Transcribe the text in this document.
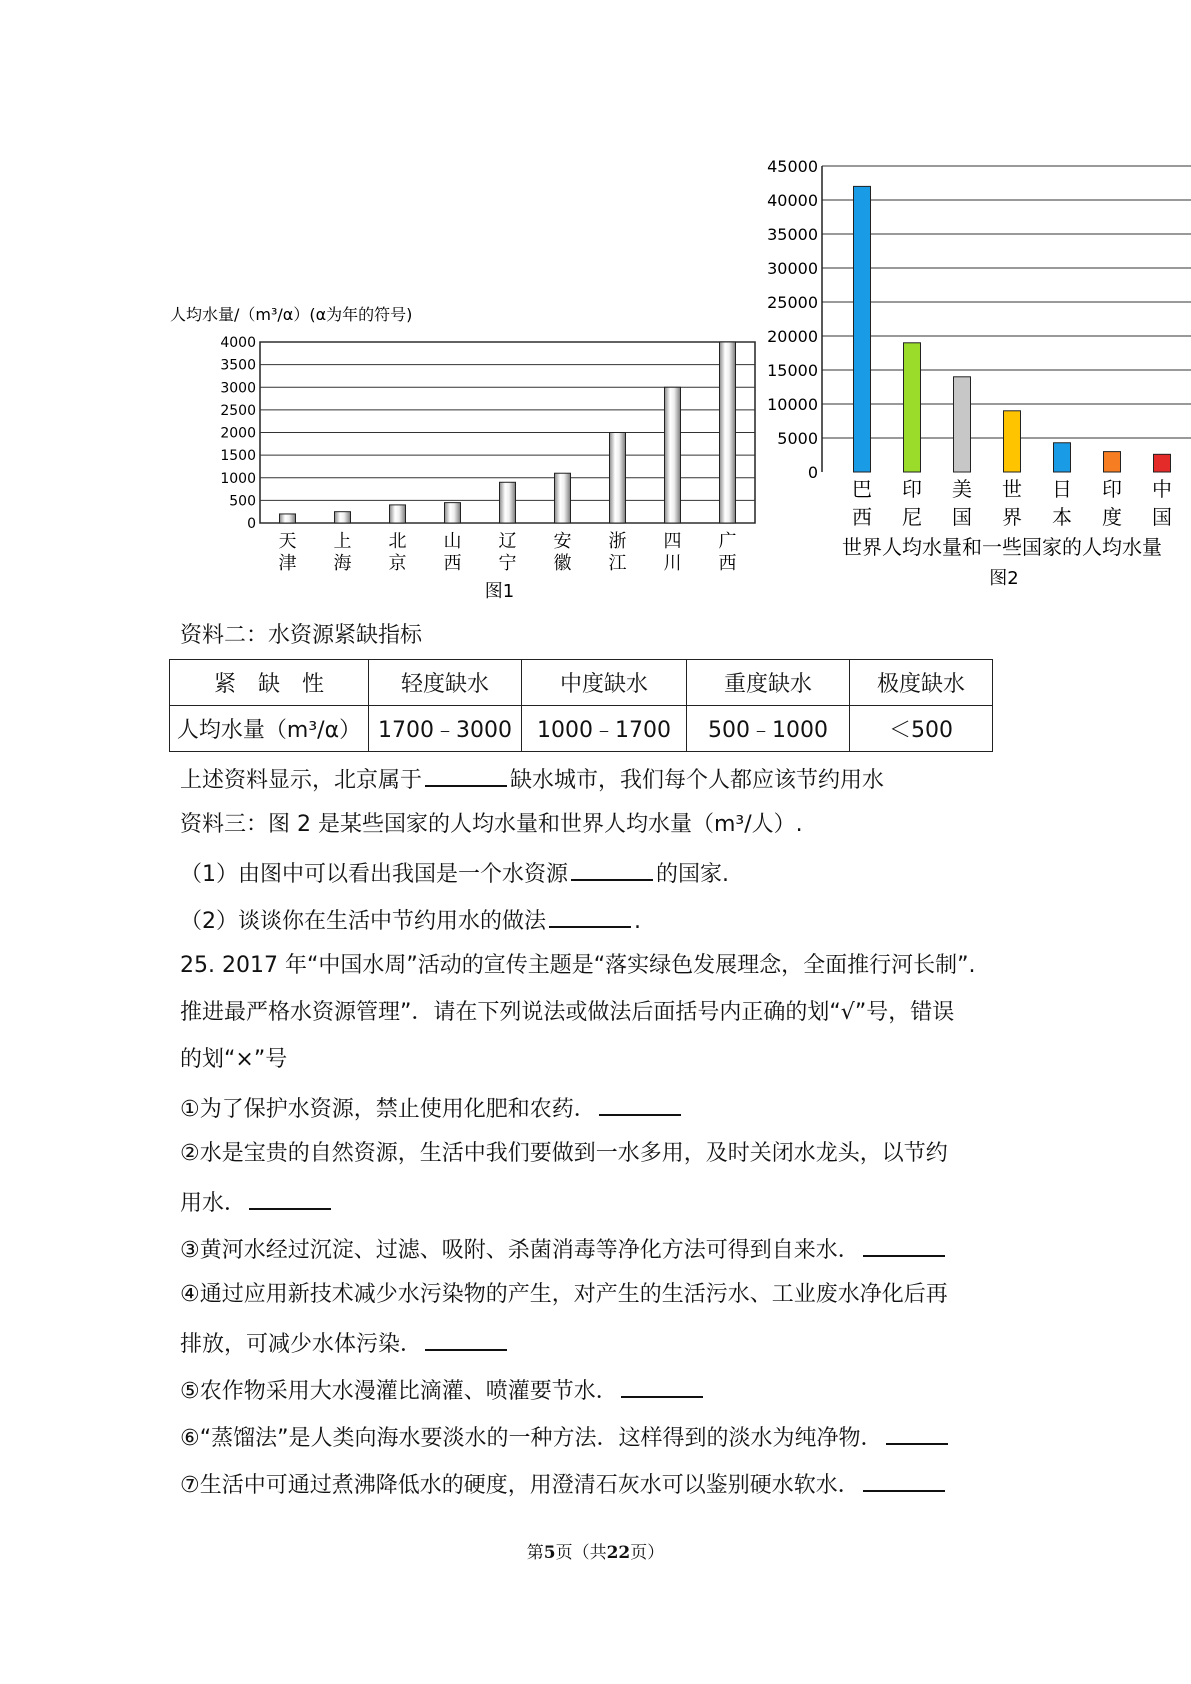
0
500
1000
1500
2000
2500
3000
3500
4000
人均水量/（m³/α）(α为年的符号)
天
津
上
海
北
京
山
西
辽
宁
安
徽
浙
江
四
川
广
西
图1
0
5000
10000
15000
20000
25000
30000
35000
40000
45000
巴
西
印
尼
美
国
世
界
日
本
印
度
中
国
世界人均水量和一些国家的人均水量
图2
资料二：水资源紧缺指标
紧　缺　性	轻度缺水	中度缺水	重度缺水	极度缺水
人均水量（m³/α）	1700﹣3000	1000﹣1700	500﹣1000	＜500
上述资料显示，北京属于	缺水城市，我们每个人都应该节约用水
资料三：图 2 是某些国家的人均水量和世界人均水量（m³/人）.
（1）由图中可以看出我国是一个水资源	的国家.
（2）谈谈你在生活中节约用水的做法	.
25. 2017 年“中国水周”活动的宣传主题是“落实绿色发展理念，全面推行河长制”.
推进最严格水资源管理”．请在下列说法或做法后面括号内正确的划“√”号，错误
的划“×”号
①为了保护水资源，禁止使用化肥和农药．
②水是宝贵的自然资源，生活中我们要做到一水多用，及时关闭水龙头，以节约
用水．
③黄河水经过沉淀、过滤、吸附、杀菌消毒等净化方法可得到自来水．
④通过应用新技术减少水污染物的产生，对产生的生活污水、工业废水净化后再
排放，可减少水体污染．
⑤农作物采用大水漫灌比滴灌、喷灌要节水．
⑥“蒸馏法”是人类向海水要淡水的一种方法．这样得到的淡水为纯净物．
⑦生活中可通过煮沸降低水的硬度，用澄清石灰水可以鉴别硬水软水．
第5页（共22页）
